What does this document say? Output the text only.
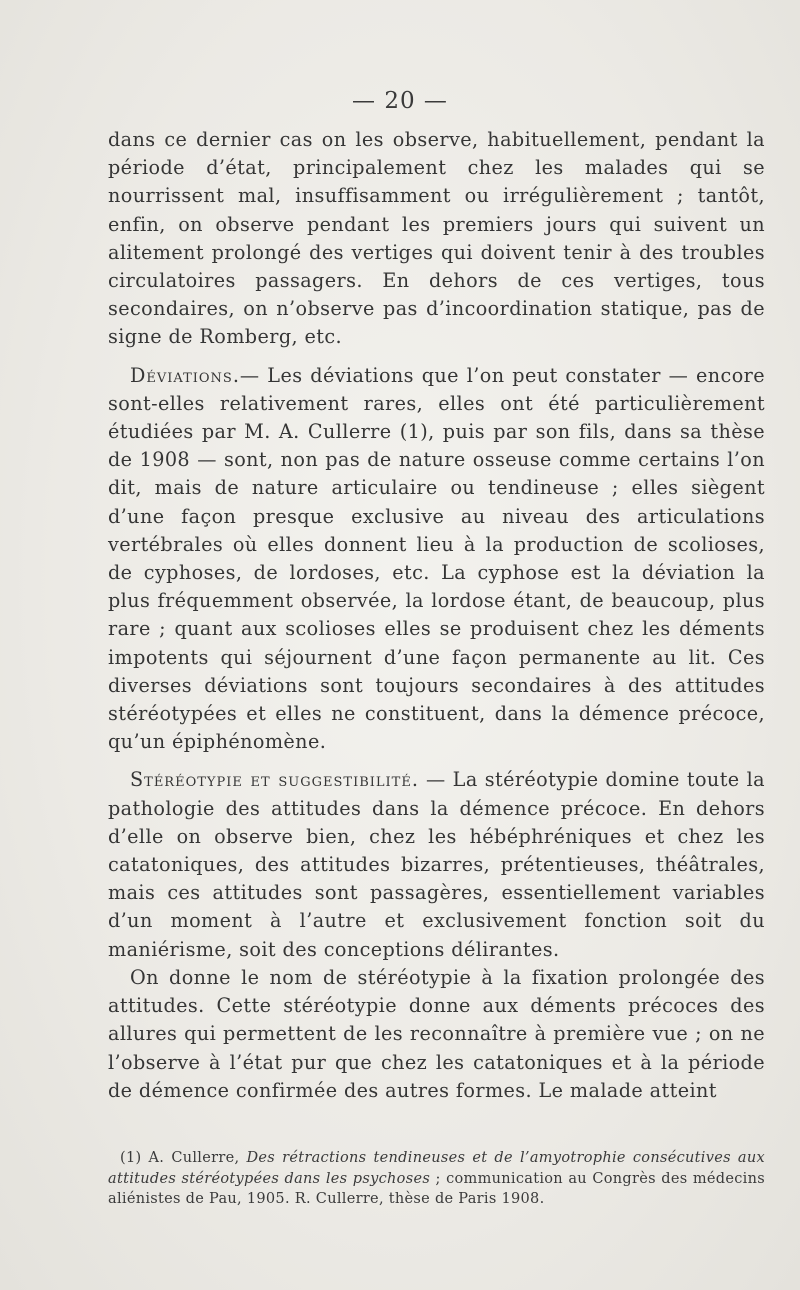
— 20 —

dans ce dernier cas on les observe, habituellement, pendant la période d’état, principalement chez les malades qui se nourrissent mal, insuffisamment ou irrégulièrement ; tantôt, enfin, on observe pendant les premiers jours qui suivent un alitement prolongé des vertiges qui doivent tenir à des troubles circulatoires passagers. En dehors de ces vertiges, tous secondaires, on n’observe pas d’incoordination statique, pas de signe de Romberg, etc.

Déviations.— Les déviations que l’on peut constater — encore sont-elles relativement rares, elles ont été particulièrement étudiées par M. A. Cullerre (1), puis par son fils, dans sa thèse de 1908 — sont, non pas de nature osseuse comme certains l’on dit, mais de nature articulaire ou tendineuse ; elles siègent d’une façon presque exclusive au niveau des articulations vertébrales où elles donnent lieu à la production de scolioses, de cyphoses, de lordoses, etc. La cyphose est la déviation la plus fréquemment observée, la lordose étant, de beaucoup, plus rare ; quant aux scolioses elles se produisent chez les déments impotents qui séjournent d’une façon permanente au lit. Ces diverses déviations sont toujours secondaires à des attitudes stéréotypées et elles ne constituent, dans la démence précoce, qu’un épiphénomène.

Stéréotypie et suggestibilité. — La stéréotypie domine toute la pathologie des attitudes dans la démence précoce. En dehors d’elle on observe bien, chez les hébéphréniques et chez les catatoniques, des attitudes bizarres, prétentieuses, théâtrales, mais ces attitudes sont passagères, essentiellement variables d’un moment à l’autre et exclusivement fonction soit du maniérisme, soit des conceptions délirantes.

On donne le nom de stéréotypie à la fixation prolongée des attitudes. Cette stéréotypie donne aux déments précoces des allures qui permettent de les reconnaître à première vue ; on ne l’observe à l’état pur que chez les catatoniques et à la période de démence confirmée des autres formes. Le malade atteint

(1) A. Cullerre, Des rétractions tendineuses et de l’amyotrophie consécutives aux attitudes stéréotypées dans les psychoses ; communication au Congrès des médecins aliénistes de Pau, 1905. R. Cullerre, thèse de Paris 1908.
